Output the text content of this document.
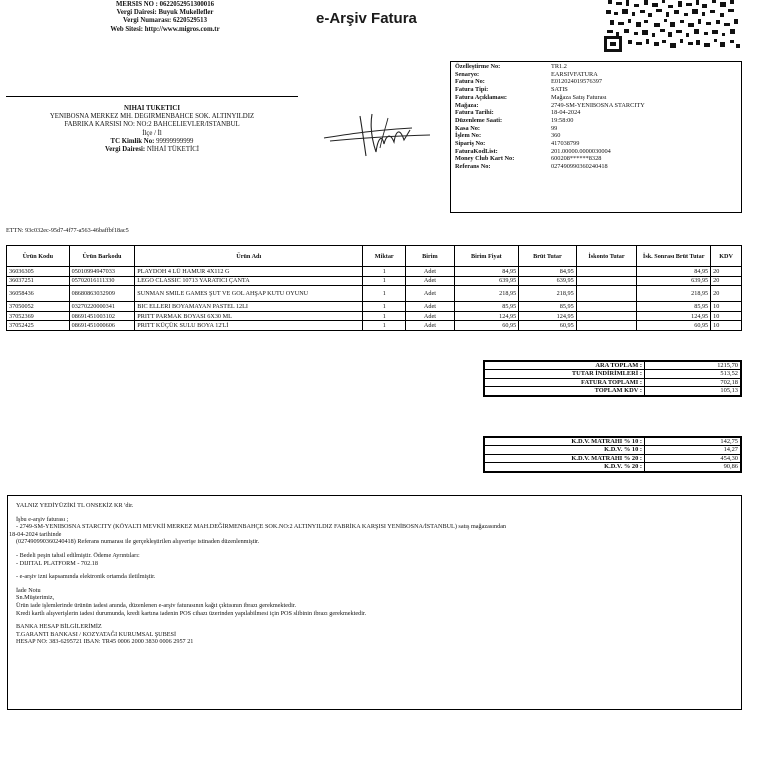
MERSIS NO : 0622052951300016
Vergi Dairesi: Buyuk Mukellefler
Vergi Numarası: 6220529513
Web Sitesi: http://www.migros.com.tr
e-Arşiv Fatura
Özelleştirme No:	TR1.2
Senaryo:	EARSIVFATURA
Fatura No:	E012024019576397
Fatura Tipi:	SATIS
Fatura Açıklaması:	Mağaza Satış Faturası
Mağaza:	2749-SM-YENIBOSNA STARCITY
Fatura Tarihi:	18-04-2024
Düzenleme Saati:	19:58:00
Kasa No:	99
İşlem No:	360
Sipariş No:	417038799
FaturaKodList:	201.00000.0000030004
Money Club Kart No:	600208******8328
Referans No:	027490990360240418
NIHAI TUKETICI
YENIBOSNA MERKEZ MH. DEGIRMENBAHCE SOK. ALTINYILDIZ
FABRIKA KARSISI NO: NO:2 BAHCELIEVLER/ISTANBUL
İlçe / İl
TC Kimlik No: 99999999999
Vergi Dairesi: NİHAİ TÜKETİCİ
ETTN: 93c032ec-95d7-4f77-a563-46baffbf18ac5
Ürün Kodu	Ürün Barkodu	Ürün Adı	Miktar	Birim	Birim Fiyat	Brüt Tutar	İskonto Tutar	İsk. Sonrası Brüt Tutar	KDV
36036305	05010994947033	PLAYDOH 4 LÜ HAMUR 4X112 G	1	Adet	84,95	84,95		84,95	20
36037251	05702016111330	LEGO CLASSIC 10713 YARATICI ÇANTA	1	Adet	639,95	639,95		639,95	20
36058436	08680863032909	SUNMAN SMILE GAMES ŞUT VE GOL AHŞAP KUTU OYUNU	1	Adet	218,95	218,95		218,95	20
37050052	03270220000341	BIC ELLERI BOYAMAYAN PASTEL 12LI	1	Adet	85,95	85,95		85,95	10
37052369	08691451003102	PRITT PARMAK BOYASI 6X30 ML	1	Adet	124,95	124,95		124,95	10
37052425	08691451000606	PRITT KÜÇÜK SULU BOYA 12'Lİ	1	Adet	60,95	60,95		60,95	10
ARA TOPLAM :	1215,70
TUTAR İNDİRİMLERİ :	513,52
FATURA TOPLAMI :	702,18
TOPLAM KDV :	105,13
K.D.V. MATRAHI % 10 :	142,75
K.D.V. % 10 :	14,27
K.D.V. MATRAHI % 20 :	454,30
K.D.V. % 20 :	90,86
YALNIZ YEDİYÜZİKİ TL ONSEKİZ KR 'dir.
İşbu e-arşiv faturası ;
- 2749-SM-YENIBOSNA STARCITY (KÖYALTI MEVKİİ MERKEZ MAH.DEĞİRMENBAHÇE SOK.NO:2 ALTINYILDIZ FABRİKA KARŞISI YENİBOSNA/İSTANBUL) satış mağazasından
18-04-2024 tarihinde
(027490990360240418) Referans numarası ile gerçekleştirilen alışverişe istinaden düzenlenmiştir.
- Bedeli peşin tahsil edilmiştir. Ödeme Ayrıntıları:
- DIJITAL PLATFORM - 702.18
- e-arşiv izni kapsamında elektronik ortamda iletilmiştir.
İade Notu
Sn.Müşterimiz,
Ürün iade işlemlerinde ürünün iadesi anında, düzenlenen e-arşiv faturasının kağıt çıktısının ibrazı gerekmektedir.
Kredi kartlı alışverişlerin iadesi durumunda, kredi kartına iadenin POS cihazı üzerinden yapılabilmesi için POS slibinin ibrazı gerekmektedir.
BANKA HESAP BİLGİLERİMİZ
T.GARANTI BANKASI / KOZYATAĞI KURUMSAL ŞUBESİ
HESAP NO: 383-6295721 IBAN: TR45 0006 2000 3830 0006 2957 21
